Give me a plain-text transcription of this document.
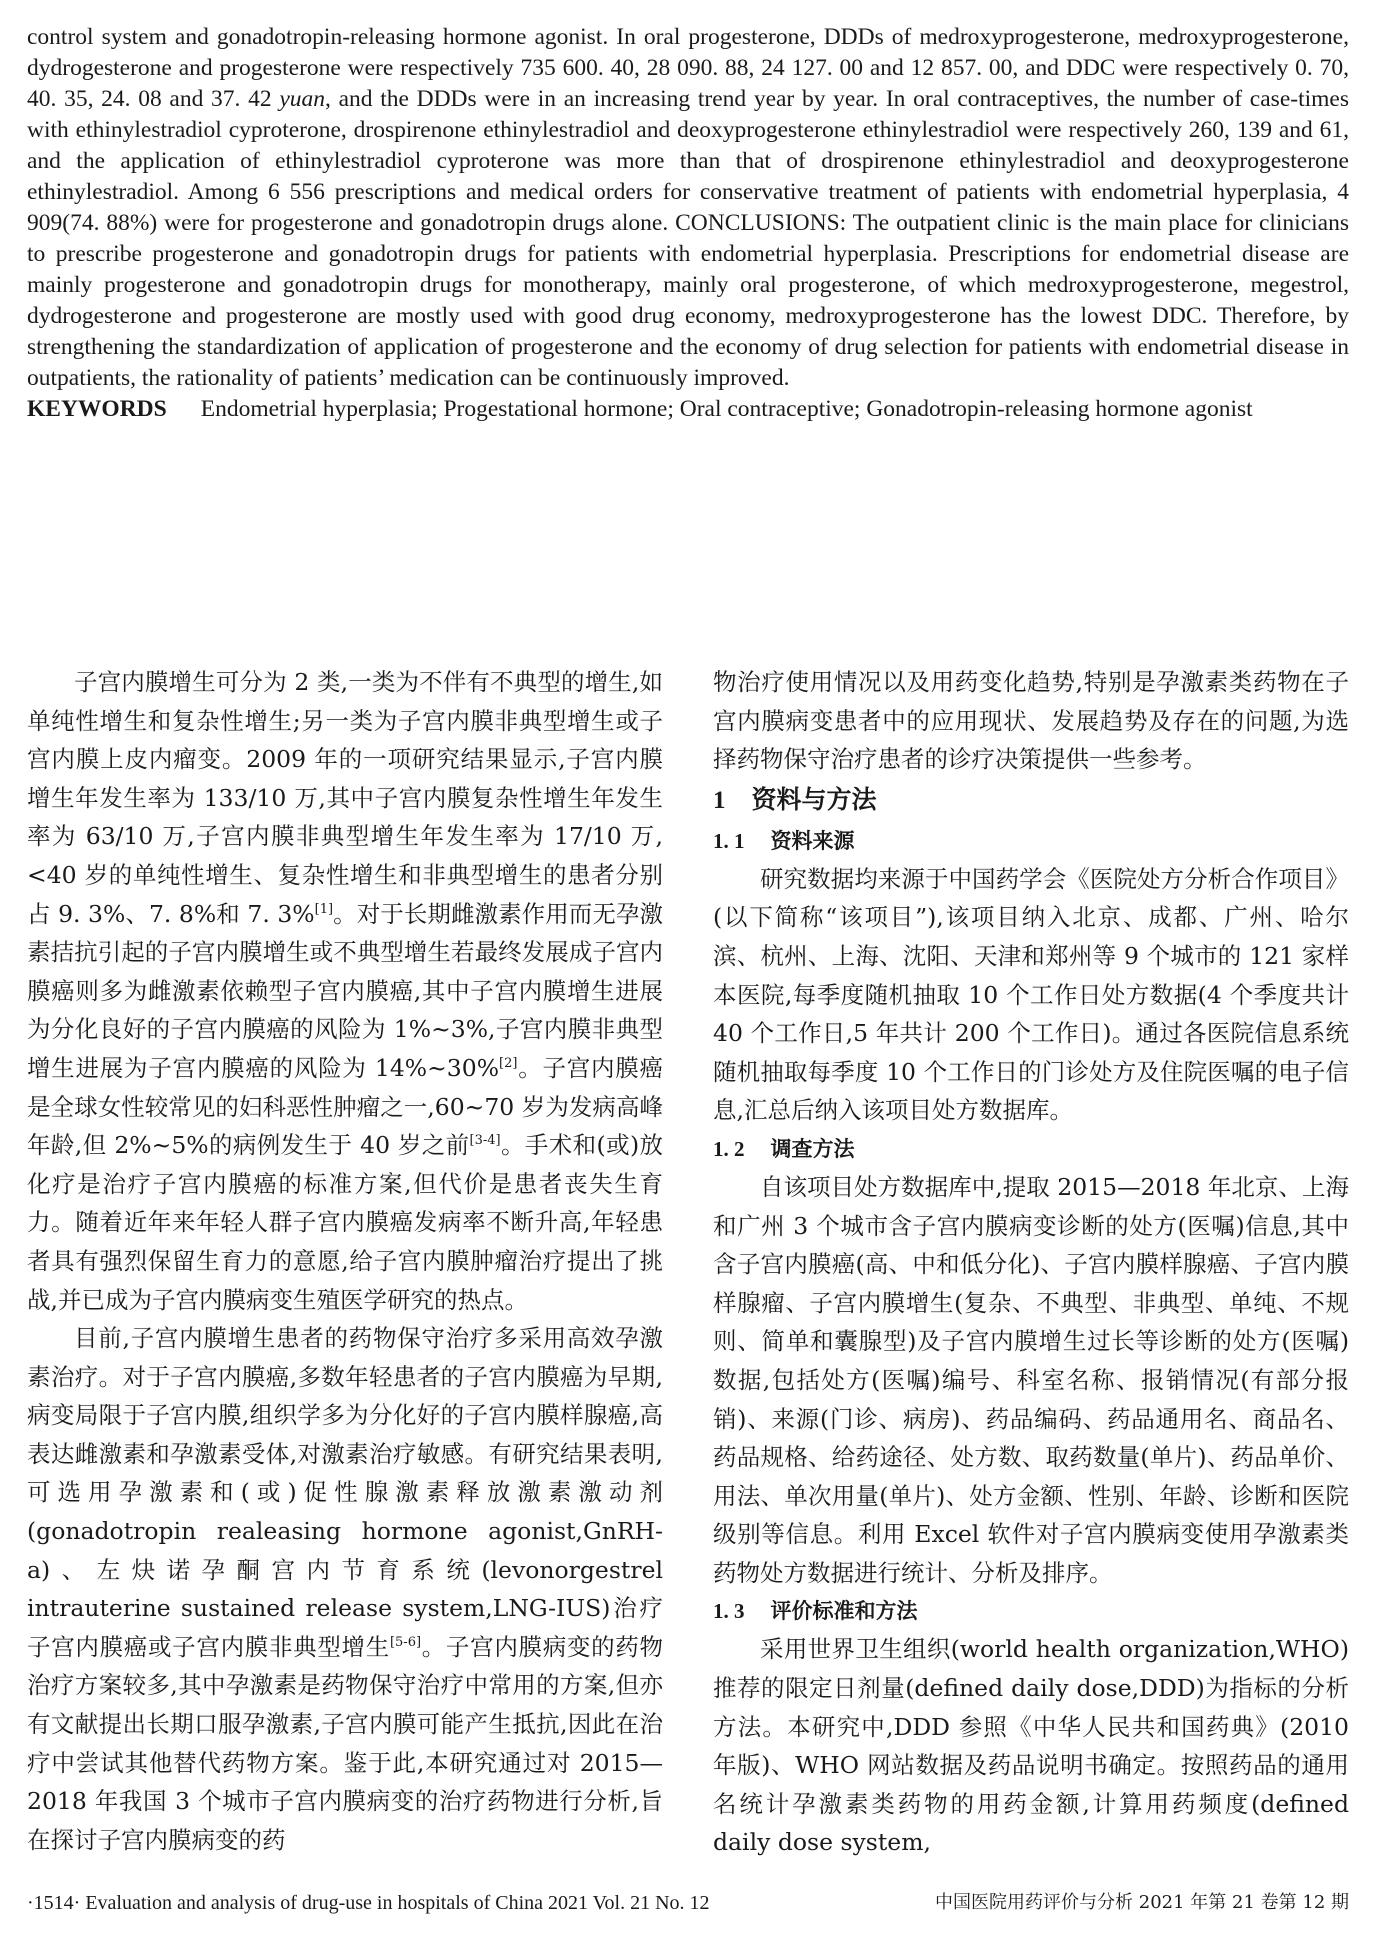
control system and gonadotropin-releasing hormone agonist. In oral progesterone, DDDs of medroxyprogesterone, medroxyprogesterone, dydrogesterone and progesterone were respectively 735 600. 40, 28 090. 88, 24 127. 00 and 12 857. 00, and DDC were respectively 0. 70, 40. 35, 24. 08 and 37. 42 yuan, and the DDDs were in an increasing trend year by year. In oral contraceptives, the number of case-times with ethinylestradiol cyproterone, drospirenone ethinylestradiol and deoxyprogesterone ethinylestradiol were respectively 260, 139 and 61, and the application of ethinylestradiol cyproterone was more than that of drospirenone ethinylestradiol and deoxyprogesterone ethinylestradiol. Among 6 556 prescriptions and medical orders for conservative treatment of patients with endometrial hyperplasia, 4 909(74. 88%) were for progesterone and gonadotropin drugs alone. CONCLUSIONS: The outpatient clinic is the main place for clinicians to prescribe progesterone and gonadotropin drugs for patients with endometrial hyperplasia. Prescriptions for endometrial disease are mainly progesterone and gonadotropin drugs for monotherapy, mainly oral progesterone, of which medroxyprogesterone, megestrol, dydrogesterone and progesterone are mostly used with good drug economy, medroxyprogesterone has the lowest DDC. Therefore, by strengthening the standardization of application of progesterone and the economy of drug selection for patients with endometrial disease in outpatients, the rationality of patients’ medication can be continuously improved.

KEYWORDS Endometrial hyperplasia; Progestational hormone; Oral contraceptive; Gonadotropin-releasing hormone agonist

子宫内膜增生可分为 2 类,一类为不伴有不典型的增生,如单纯性增生和复杂性增生;另一类为子宫内膜非典型增生或子宫内膜上皮内瘤变。2009 年的一项研究结果显示,子宫内膜增生年发生率为 133/10 万,其中子宫内膜复杂性增生年发生率为 63/10 万,子宫内膜非典型增生年发生率为 17/10 万,<40 岁的单纯性增生、复杂性增生和非典型增生的患者分别占 9. 3%、7. 8%和 7. 3%[1]。对于长期雌激素作用而无孕激素拮抗引起的子宫内膜增生或不典型增生若最终发展成子宫内膜癌则多为雌激素依赖型子宫内膜癌,其中子宫内膜增生进展为分化良好的子宫内膜癌的风险为 1%~3%,子宫内膜非典型增生进展为子宫内膜癌的风险为 14%~30%[2]。子宫内膜癌是全球女性较常见的妇科恶性肿瘤之一,60~70 岁为发病高峰年龄,但 2%~5%的病例发生于 40 岁之前[3-4]。手术和(或)放化疗是治疗子宫内膜癌的标准方案,但代价是患者丧失生育力。随着近年来年轻人群子宫内膜癌发病率不断升高,年轻患者具有强烈保留生育力的意愿,给子宫内膜肿瘤治疗提出了挑战,并已成为子宫内膜病变生殖医学研究的热点。

目前,子宫内膜增生患者的药物保守治疗多采用高效孕激素治疗。对于子宫内膜癌,多数年轻患者的子宫内膜癌为早期,病变局限于子宫内膜,组织学多为分化好的子宫内膜样腺癌,高表达雌激素和孕激素受体,对激素治疗敏感。有研究结果表明,可选用孕激素和(或)促性腺激素释放激素激动剂(gonadotropin realeasing hormone agonist,GnRH-a)、左炔诺孕酮宫内节育系统(levonorgestrel intrauterine sustained release system,LNG-IUS)治疗子宫内膜癌或子宫内膜非典型增生[5-6]。子宫内膜病变的药物治疗方案较多,其中孕激素是药物保守治疗中常用的方案,但亦有文献提出长期口服孕激素,子宫内膜可能产生抵抗,因此在治疗中尝试其他替代药物方案。鉴于此,本研究通过对 2015—2018 年我国 3 个城市子宫内膜病变的治疗药物进行分析,旨在探讨子宫内膜病变的药

物治疗使用情况以及用药变化趋势,特别是孕激素类药物在子宫内膜病变患者中的应用现状、发展趋势及存在的问题,为选择药物保守治疗患者的诊疗决策提供一些参考。

1 资料与方法
1. 1 资料来源

研究数据均来源于中国药学会《医院处方分析合作项目》(以下简称“该项目”),该项目纳入北京、成都、广州、哈尔滨、杭州、上海、沈阳、天津和郑州等 9 个城市的 121 家样本医院,每季度随机抽取 10 个工作日处方数据(4 个季度共计 40 个工作日,5 年共计 200 个工作日)。通过各医院信息系统随机抽取每季度 10 个工作日的门诊处方及住院医嘱的电子信息,汇总后纳入该项目处方数据库。

1. 2 调查方法

自该项目处方数据库中,提取 2015—2018 年北京、上海和广州 3 个城市含子宫内膜病变诊断的处方(医嘱)信息,其中含子宫内膜癌(高、中和低分化)、子宫内膜样腺癌、子宫内膜样腺瘤、子宫内膜增生(复杂、不典型、非典型、单纯、不规则、简单和囊腺型)及子宫内膜增生过长等诊断的处方(医嘱)数据,包括处方(医嘱)编号、科室名称、报销情况(有部分报销)、来源(门诊、病房)、药品编码、药品通用名、商品名、药品规格、给药途径、处方数、取药数量(单片)、药品单价、用法、单次用量(单片)、处方金额、性别、年龄、诊断和医院级别等信息。利用 Excel 软件对子宫内膜病变使用孕激素类药物处方数据进行统计、分析及排序。

1. 3 评价标准和方法

采用世界卫生组织(world health organization,WHO)推荐的限定日剂量(defined daily dose,DDD)为指标的分析方法。本研究中,DDD 参照《中华人民共和国药典》(2010 年版)、WHO 网站数据及药品说明书确定。按照药品的通用名统计孕激素类药物的用药金额,计算用药频度(defined daily dose system,

·1514· Evaluation and analysis of drug-use in hospitals of China 2021 Vol. 21 No. 12	中国医院用药评价与分析 2021 年第 21 卷第 12 期
